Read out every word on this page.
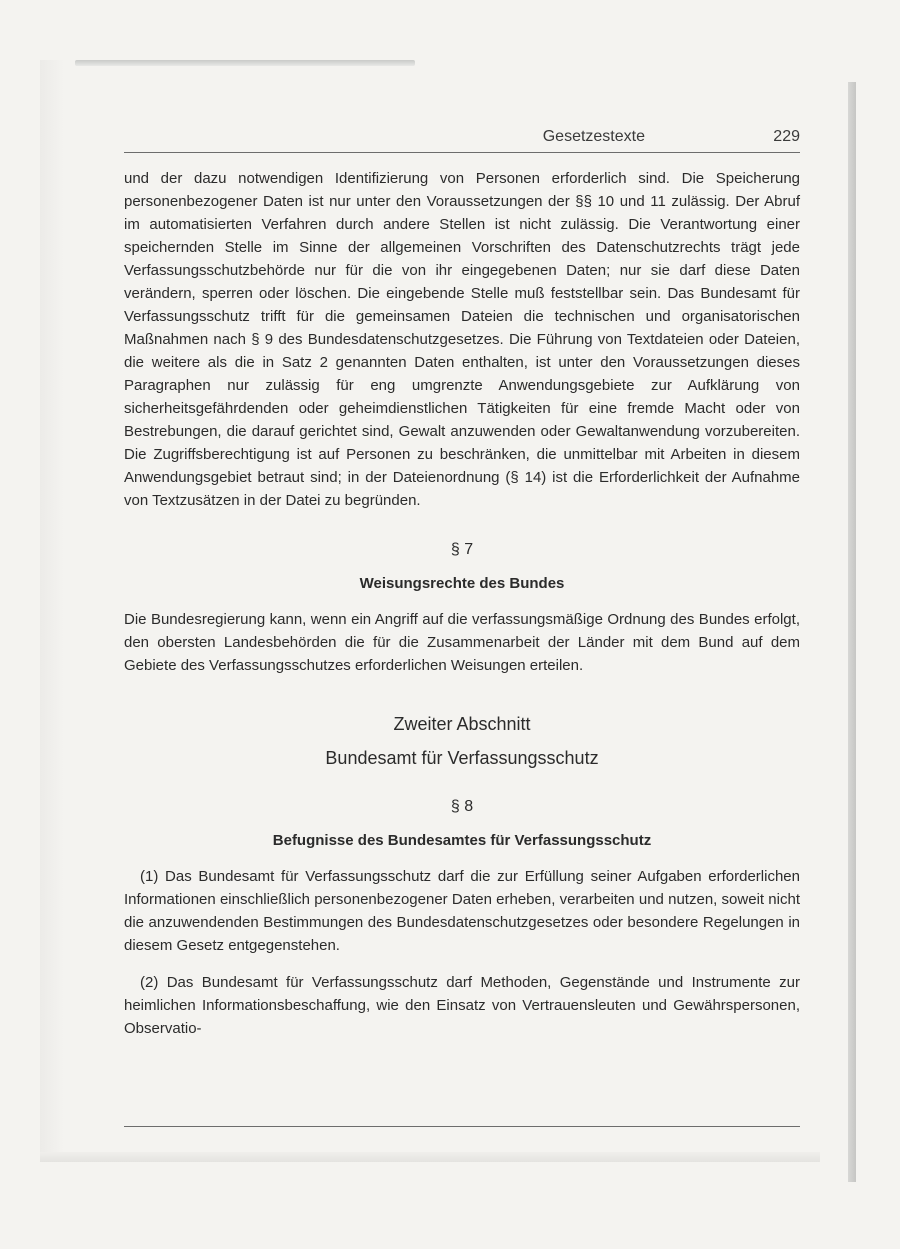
Gesetzestexte	229

und der dazu notwendigen Identifizierung von Personen erforderlich sind. Die Speicherung personenbezogener Daten ist nur unter den Voraussetzungen der §§ 10 und 11 zulässig. Der Abruf im automatisierten Verfahren durch andere Stellen ist nicht zulässig. Die Verantwortung einer speichernden Stelle im Sinne der allgemeinen Vorschriften des Datenschutzrechts trägt jede Verfassungsschutzbehörde nur für die von ihr eingegebenen Daten; nur sie darf diese Daten verändern, sperren oder löschen. Die eingebende Stelle muß feststellbar sein. Das Bundesamt für Verfassungsschutz trifft für die gemeinsamen Dateien die technischen und organisatorischen Maßnahmen nach § 9 des Bundesdatenschutzgesetzes. Die Führung von Textdateien oder Dateien, die weitere als die in Satz 2 genannten Daten enthalten, ist unter den Voraussetzungen dieses Paragraphen nur zulässig für eng umgrenzte Anwendungsgebiete zur Aufklärung von sicherheitsgefährdenden oder geheimdienstlichen Tätigkeiten für eine fremde Macht oder von Bestrebungen, die darauf gerichtet sind, Gewalt anzuwenden oder Gewaltanwendung vorzubereiten. Die Zugriffsberechtigung ist auf Personen zu beschränken, die unmittelbar mit Arbeiten in diesem Anwendungsgebiet betraut sind; in der Dateienordnung (§ 14) ist die Erforderlichkeit der Aufnahme von Textzusätzen in der Datei zu begründen.

§ 7
Weisungsrechte des Bundes

Die Bundesregierung kann, wenn ein Angriff auf die verfassungsmäßige Ordnung des Bundes erfolgt, den obersten Landesbehörden die für die Zusammenarbeit der Länder mit dem Bund auf dem Gebiete des Verfassungsschutzes erforderlichen Weisungen erteilen.

Zweiter Abschnitt
Bundesamt für Verfassungsschutz
§ 8
Befugnisse des Bundesamtes für Verfassungsschutz

(1) Das Bundesamt für Verfassungsschutz darf die zur Erfüllung seiner Aufgaben erforderlichen Informationen einschließlich personenbezogener Daten erheben, verarbeiten und nutzen, soweit nicht die anzuwendenden Bestimmungen des Bundesdatenschutzgesetzes oder besondere Regelungen in diesem Gesetz entgegenstehen.

(2) Das Bundesamt für Verfassungsschutz darf Methoden, Gegenstände und Instrumente zur heimlichen Informationsbeschaffung, wie den Einsatz von Vertrauensleuten und Gewährspersonen, Observatio-
